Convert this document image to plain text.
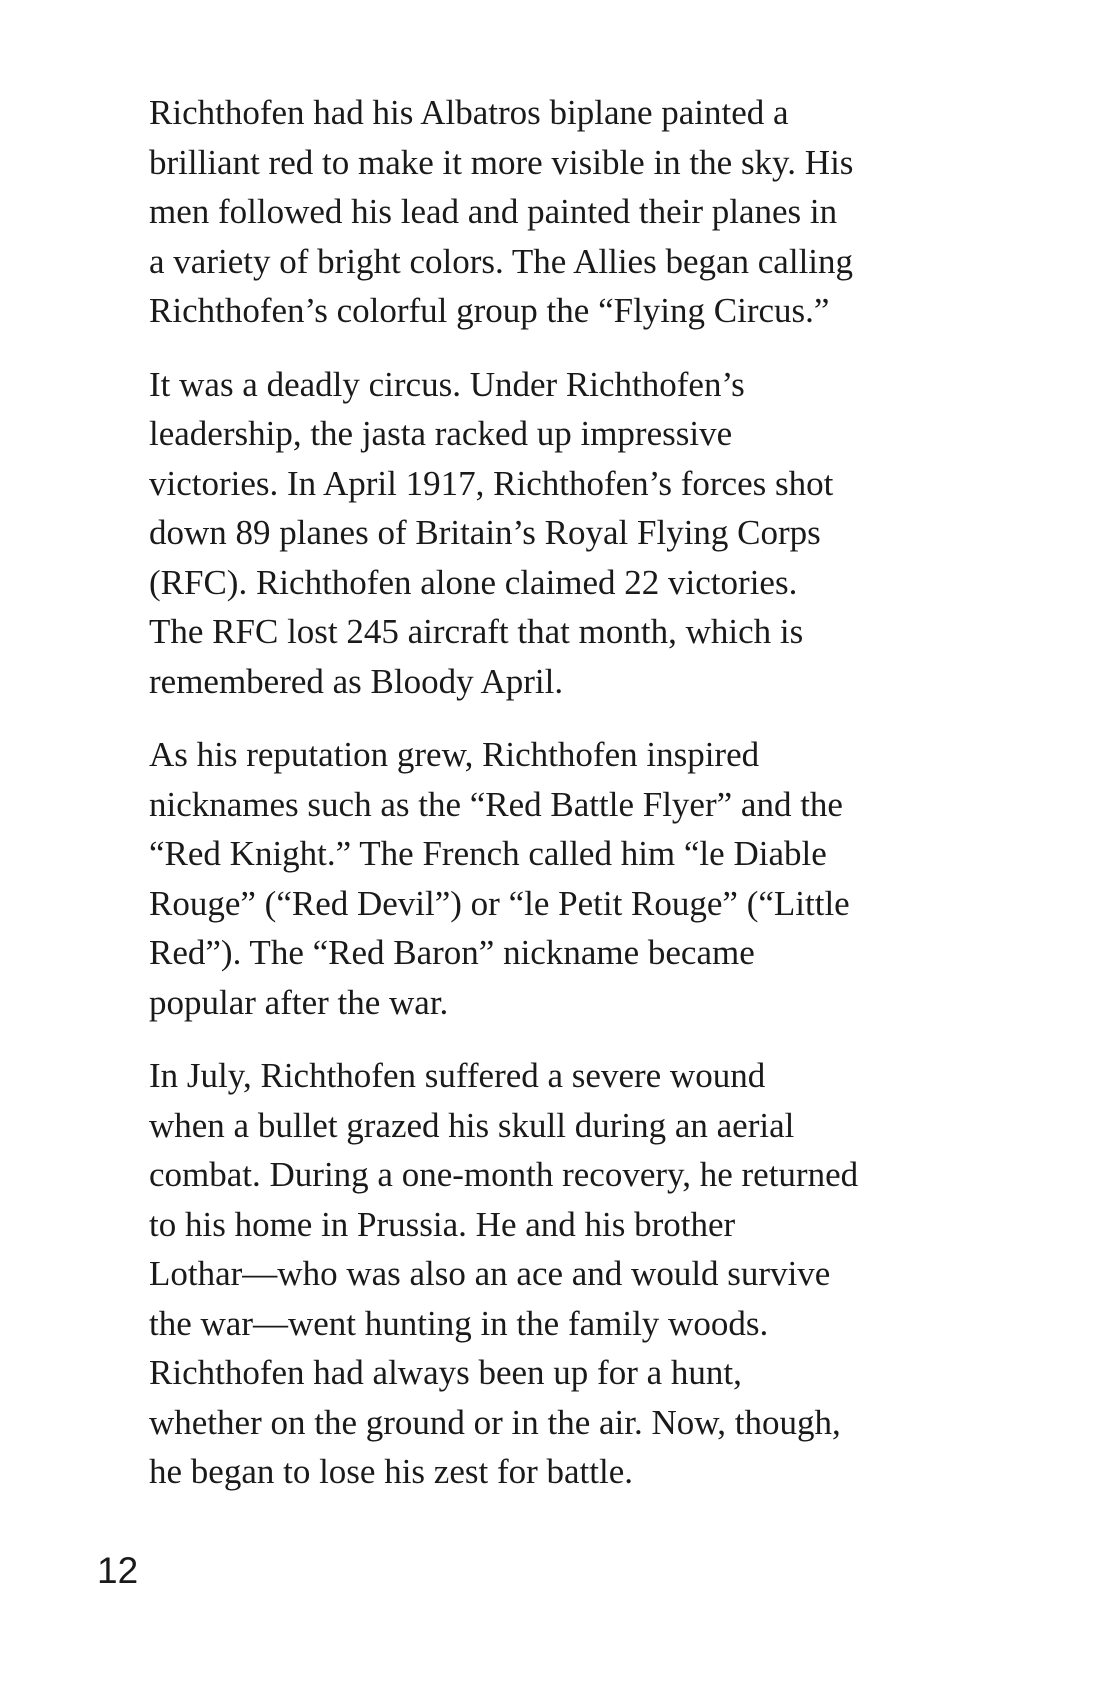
Richthofen had his Albatros biplane painted a
brilliant red to make it more visible in the sky. His
men followed his lead and painted their planes in
a variety of bright colors. The Allies began calling
Richthofen’s colorful group the “Flying Circus.”

It was a deadly circus. Under Richthofen’s
leadership, the jasta racked up impressive
victories. In April 1917, Richthofen’s forces shot
down 89 planes of Britain’s Royal Flying Corps
(RFC). Richthofen alone claimed 22 victories.
The RFC lost 245 aircraft that month, which is
remembered as Bloody April.

As his reputation grew, Richthofen inspired
nicknames such as the “Red Battle Flyer” and the
“Red Knight.” The French called him “le Diable
Rouge” (“Red Devil”) or “le Petit Rouge” (“Little
Red”). The “Red Baron” nickname became
popular after the war.

In July, Richthofen suffered a severe wound
when a bullet grazed his skull during an aerial
combat. During a one-month recovery, he returned
to his home in Prussia. He and his brother
Lothar—who was also an ace and would survive
the war—went hunting in the family woods.
Richthofen had always been up for a hunt,
whether on the ground or in the air. Now, though,
he began to lose his zest for battle.

12
